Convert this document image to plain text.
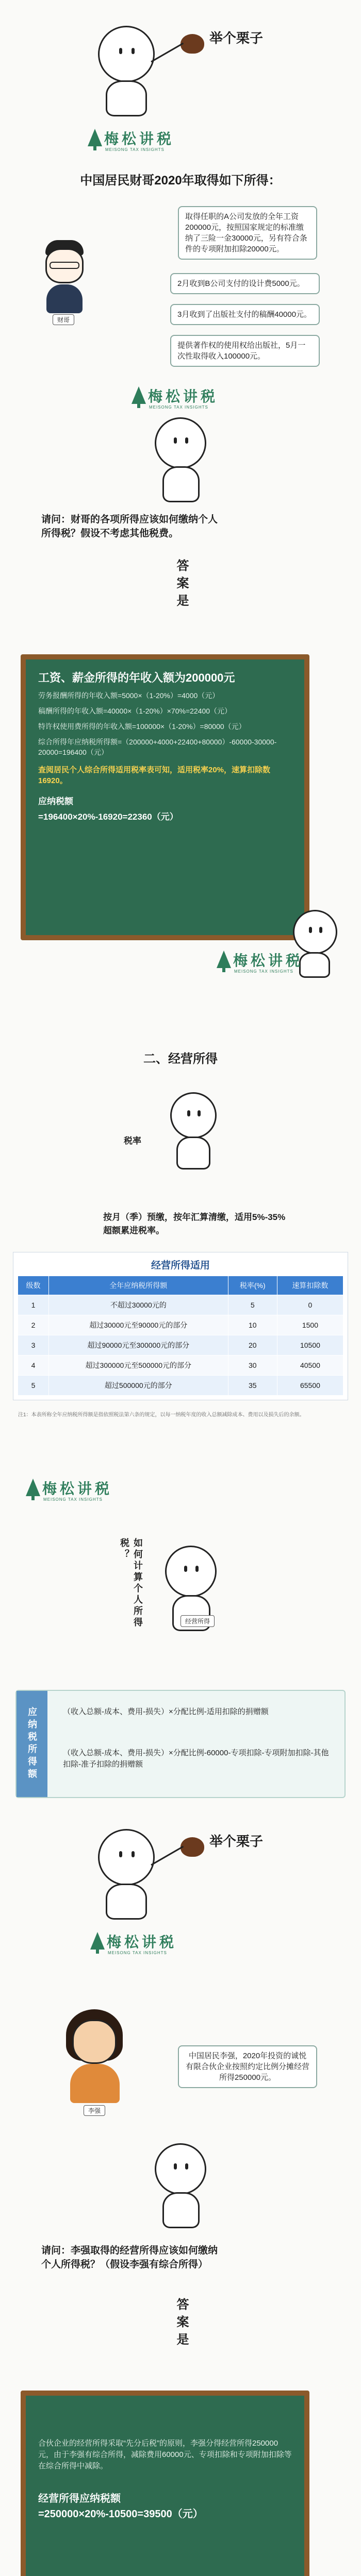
举个栗子
梅松讲税
MEISONG TAX INSIGHTS
中国居民财哥2020年取得如下所得：
财哥
取得任职的A公司发放的全年工资200000元，按照国家规定的标准缴纳了三险一金30000元，另有符合条件的专项附加扣除20000元。
2月收到B公司支付的设计费5000元。
3月收到了出版社支付的稿酬40000元。
提供著作权的使用权给出版社，5月一次性取得收入100000元。
梅松讲税
MEISONG TAX INSIGHTS
请问：财哥的各项所得应该如何缴纳个人所得税？假设不考虑其他税费。
答案是
工资、薪金所得的年收入额为200000元
劳务报酬所得的年收入额=5000×（1-20%）=4000（元）
稿酬所得的年收入额=40000×（1-20%）×70%=22400（元）
特许权使用费所得的年收入额=100000×（1-20%）=80000（元）
综合所得年应纳税所得额=（200000+4000+22400+80000）-60000-30000-20000=196400（元）
查阅居民个人综合所得适用税率表可知，适用税率20%，速算扣除数16920。
应纳税额
=196400×20%-16920=22360（元）
梅松讲税
MEISONG TAX INSIGHTS
二、经营所得
税率
按月（季）预缴，按年汇算清缴，适用5%-35%超额累进税率。
经营所得适用
级数	全年应纳税所得额	税率(%)	速算扣除数
1	不超过30000元的	5	0
2	超过30000元至90000元的部分	10	1500
3	超过90000元至300000元的部分	20	10500
4	超过300000元至500000元的部分	30	40500
5	超过500000元的部分	35	65500
注1：本表所称全年应纳税所得额是指依照税法第六条的规定，以每一纳税年度的收入总额减除成本、费用以及损失后的余额。
梅松讲税
MEISONG TAX INSIGHTS
如何计算个人所得税？
经营所得
应纳税所得额	（收入总额-成本、费用-损失）×分配比例-适用扣除的捐赠额
（收入总额-成本、费用-损失）×分配比例-60000-专项扣除-专项附加扣除-其他扣除-准予扣除的捐赠额
举个栗子
梅松讲税
MEISONG TAX INSIGHTS
李强
中国居民李强，2020年投资的诚悦有限合伙企业按照约定比例分摊经营所得250000元。
请问：李强取得的经营所得应该如何缴纳个人所得税？（假设李强有综合所得）
答案是
合伙企业的经营所得采取“先分后税”的原则，李强分得经营所得250000元，由于李强有综合所得，减除费用60000元、专项扣除和专项附加扣除等在综合所得中减除。
经营所得应纳税额
=250000×20%-10500=39500（元）
